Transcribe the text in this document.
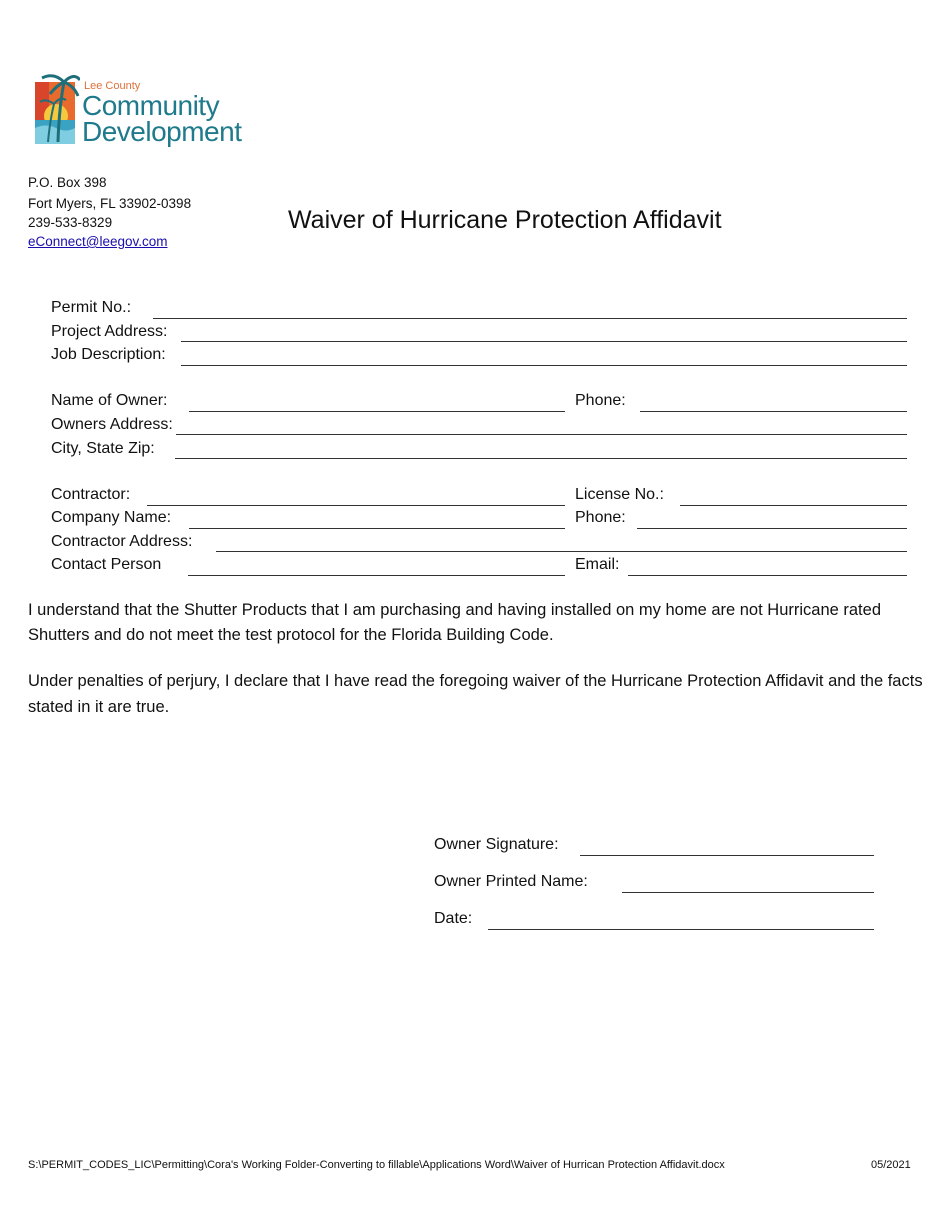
Lee County
Community
Development
P.O. Box 398
Fort Myers, FL 33902-0398
239-533-8329
eConnect@leegov.com
Waiver of Hurricane Protection Affidavit
Permit No.:
Project Address:
Job Description:
Name of Owner:	Phone:
Owners Address:
City, State Zip:
Contractor:	License No.:
Company Name:	Phone:
Contractor Address:
Contact Person	Email:
I understand that the Shutter Products that I am purchasing and having installed on my home are not Hurricane rated Shutters and do not meet the test protocol for the Florida Building Code.
Under penalties of perjury, I declare that I have read the foregoing waiver of the Hurricane Protection Affidavit and the facts stated in it are true.
Owner Signature:
Owner Printed Name:
Date:
S:\PERMIT_CODES_LIC\Permitting\Cora's Working Folder-Converting to fillable\Applications Word\Waiver of Hurrican Protection Affidavit.docx	05/2021
